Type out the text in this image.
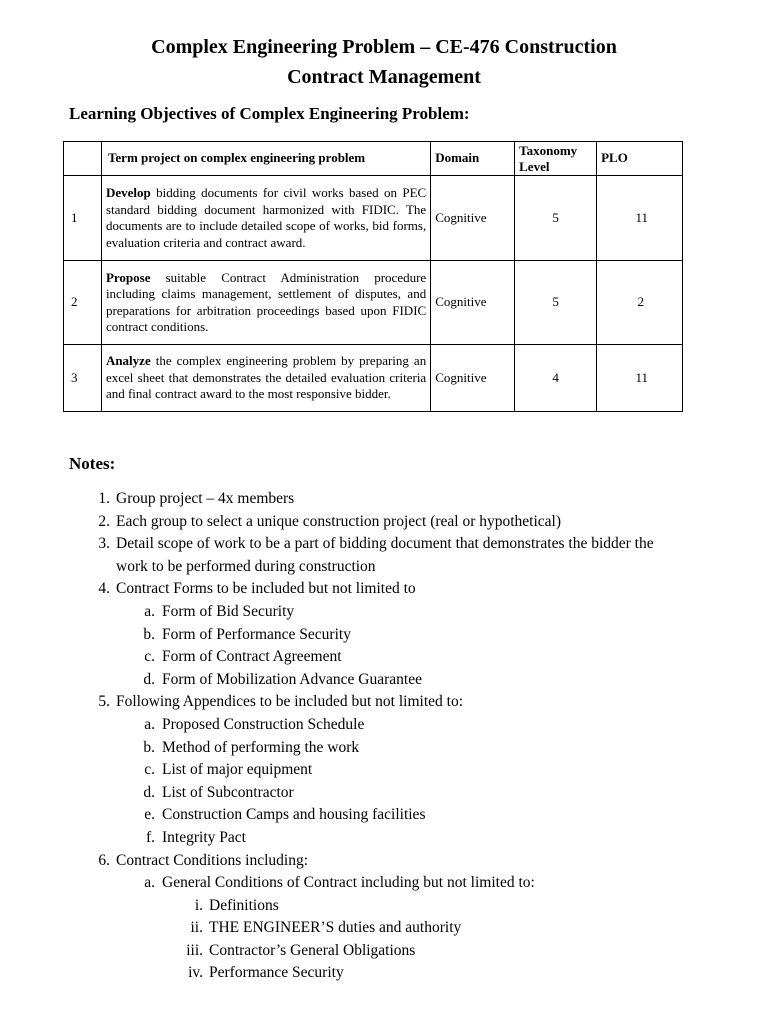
Complex Engineering Problem – CE-476 Construction
Contract Management
Learning Objectives of Complex Engineering Problem:
	Term project on complex engineering problem	Domain	Taxonomy Level	PLO
1	Develop bidding documents for civil works based on PEC standard bidding document harmonized with FIDIC. The documents are to include detailed scope of works, bid forms, evaluation criteria and contract award.	Cognitive	5	11
2	Propose suitable Contract Administration procedure including claims management, settlement of disputes, and preparations for arbitration proceedings based upon FIDIC contract conditions.	Cognitive	5	2
3	Analyze the complex engineering problem by preparing an excel sheet that demonstrates the detailed evaluation criteria and final contract award to the most responsive bidder.	Cognitive	4	11
Notes:
1. Group project – 4x members
2. Each group to select a unique construction project (real or hypothetical)
3. Detail scope of work to be a part of bidding document that demonstrates the bidder the work to be performed during construction
4. Contract Forms to be included but not limited to
a. Form of Bid Security
b. Form of Performance Security
c. Form of Contract Agreement
d. Form of Mobilization Advance Guarantee
5. Following Appendices to be included but not limited to:
a. Proposed Construction Schedule
b. Method of performing the work
c. List of major equipment
d. List of Subcontractor
e. Construction Camps and housing facilities
f. Integrity Pact
6. Contract Conditions including:
a. General Conditions of Contract including but not limited to:
i. Definitions
ii. THE ENGINEER’S duties and authority
iii. Contractor’s General Obligations
iv. Performance Security
